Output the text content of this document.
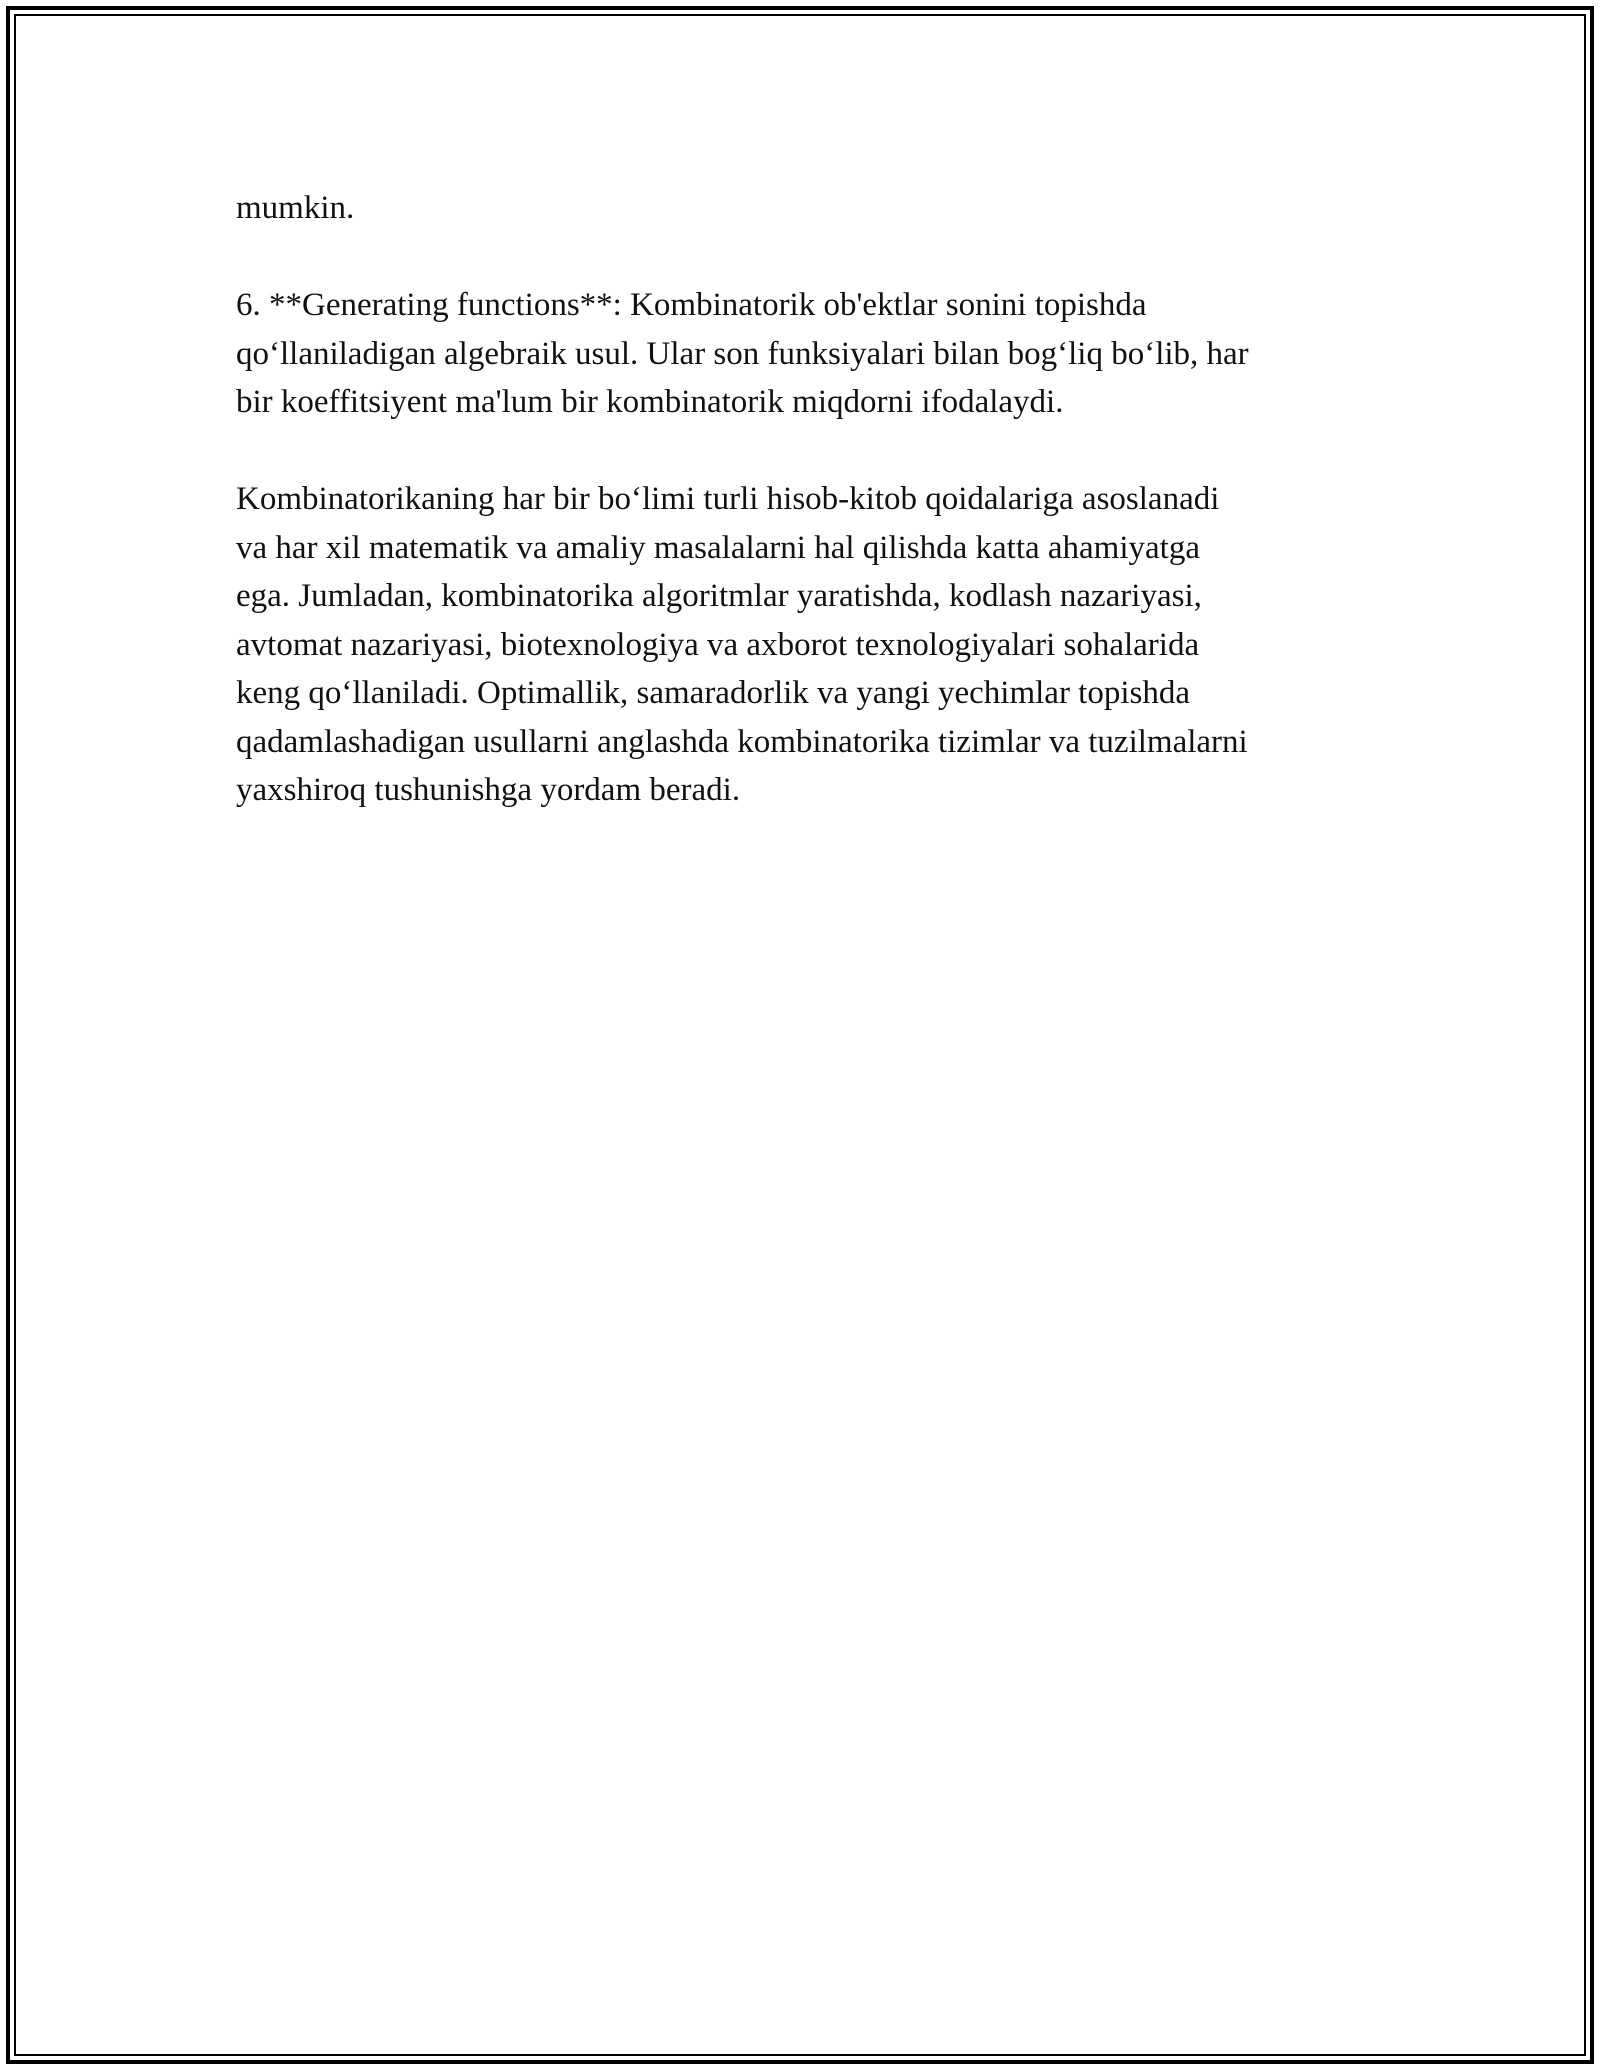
mumkin.

6. **Generating functions**: Kombinatorik ob'ektlar sonini topishda
qo‘llaniladigan algebraik usul. Ular son funksiyalari bilan bog‘liq bo‘lib, har
bir koeffitsiyent ma'lum bir kombinatorik miqdorni ifodalaydi.

Kombinatorikaning har bir bo‘limi turli hisob-kitob qoidalariga asoslanadi
va har xil matematik va amaliy masalalarni hal qilishda katta ahamiyatga
ega. Jumladan, kombinatorika algoritmlar yaratishda, kodlash nazariyasi,
avtomat nazariyasi, biotexnologiya va axborot texnologiyalari sohalarida
keng qo‘llaniladi. Optimallik, samaradorlik va yangi yechimlar topishda
qadamlashadigan usullarni anglashda kombinatorika tizimlar va tuzilmalarni
yaxshiroq tushunishga yordam beradi.
